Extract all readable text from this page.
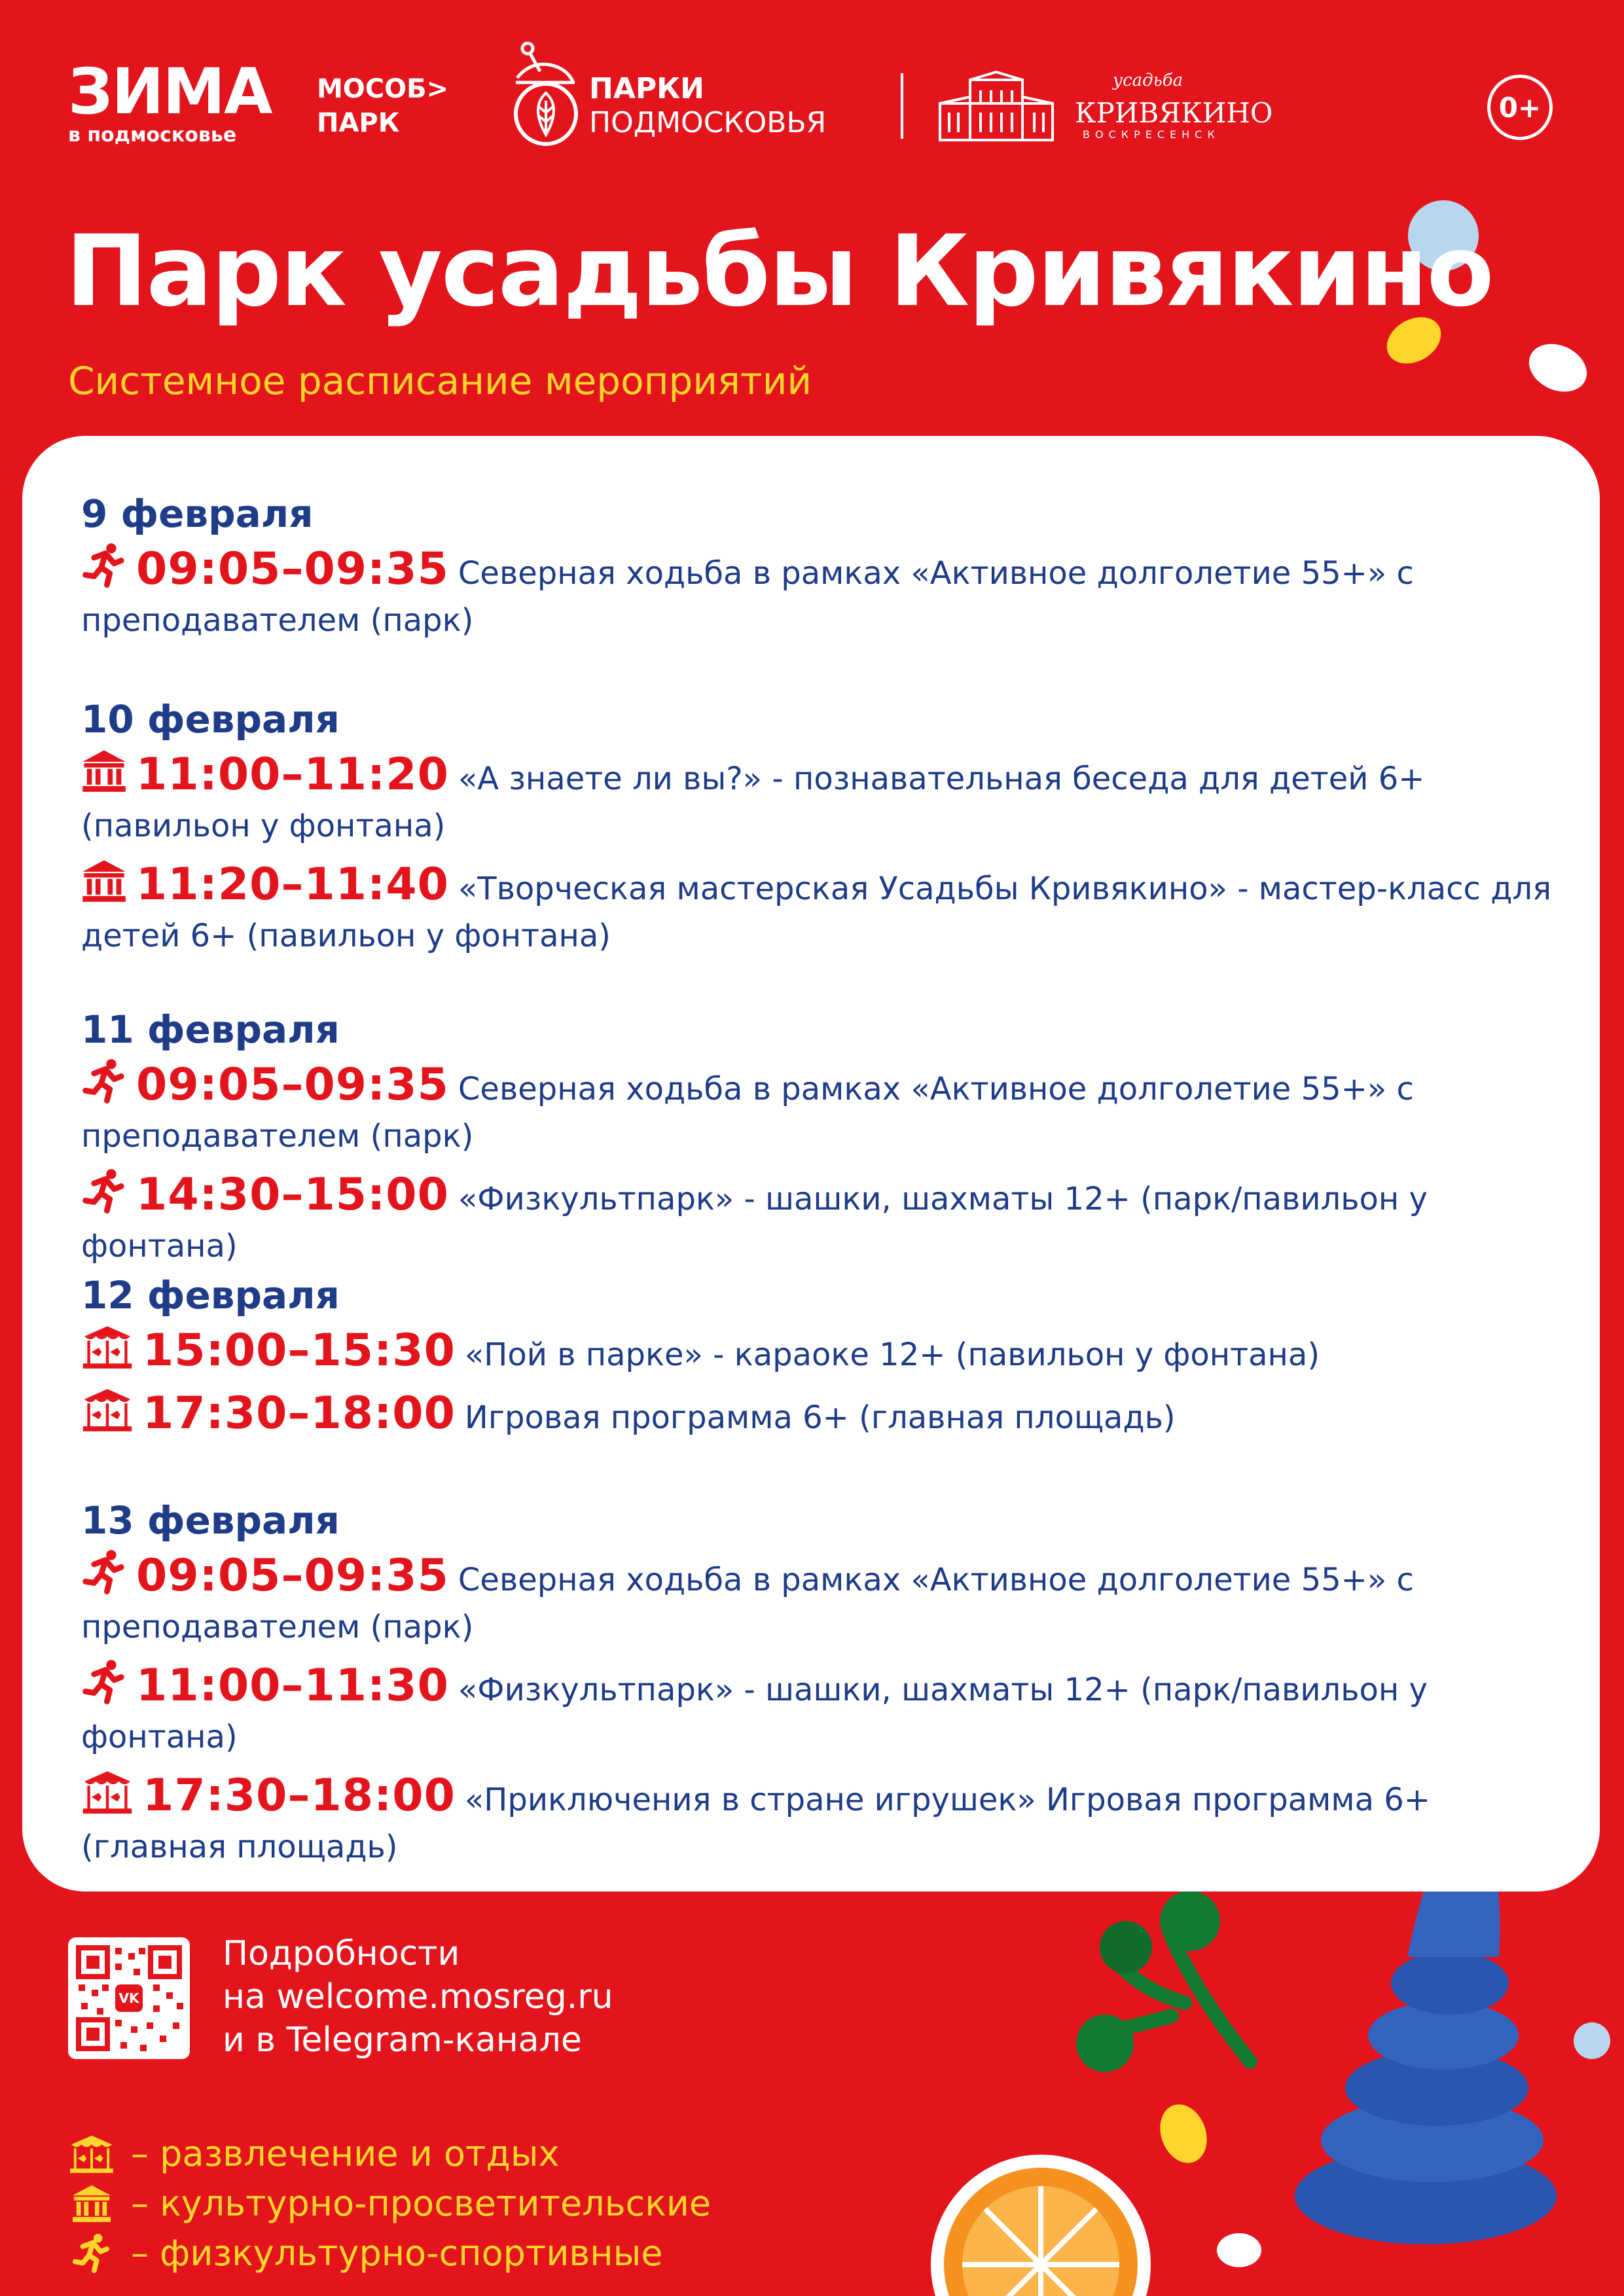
ЗИМА
в подмосковье
МОСОБ>
ПАРК
ПАРКИ
ПОДМОСКОВЬЯ
усадьба
КРИВЯКИНО
ВОСКРЕСЕНСК
0+
Парк усадьбы Кривякино
Системное расписание мероприятий
9 февраля
09:05–09:35 Северная ходьба в рамках «Активное долголетие 55+» с преподавателем (парк)
10 февраля
11:00–11:20 «А знаете ли вы?» - познавательная беседа для детей 6+ (павильон у фонтана)
11:20–11:40 «Творческая мастерская Усадьбы Кривякино» - мастер-класс для детей 6+ (павильон у фонтана)
11 февраля
09:05–09:35 Северная ходьба в рамках «Активное долголетие 55+» с преподавателем (парк)
14:30–15:00 «Физкультпарк» - шашки, шахматы 12+ (парк/павильон у фонтана)
12 февраля
15:00–15:30 «Пой в парке» - караоке 12+ (павильон у фонтана)
17:30–18:00 Игровая программа 6+ (главная площадь)
13 февраля
09:05–09:35 Северная ходьба в рамках «Активное долголетие 55+» с преподавателем (парк)
11:00–11:30 «Физкультпарк» - шашки, шахматы 12+ (парк/павильон у фонтана)
17:30–18:00 «Приключения в стране игрушек» Игровая программа 6+ (главная площадь)
VK
Подробности
на welcome.mosreg.ru
и в Telegram-канале
– развлечение и отдых
– культурно-просветительские
– физкультурно-спортивные
